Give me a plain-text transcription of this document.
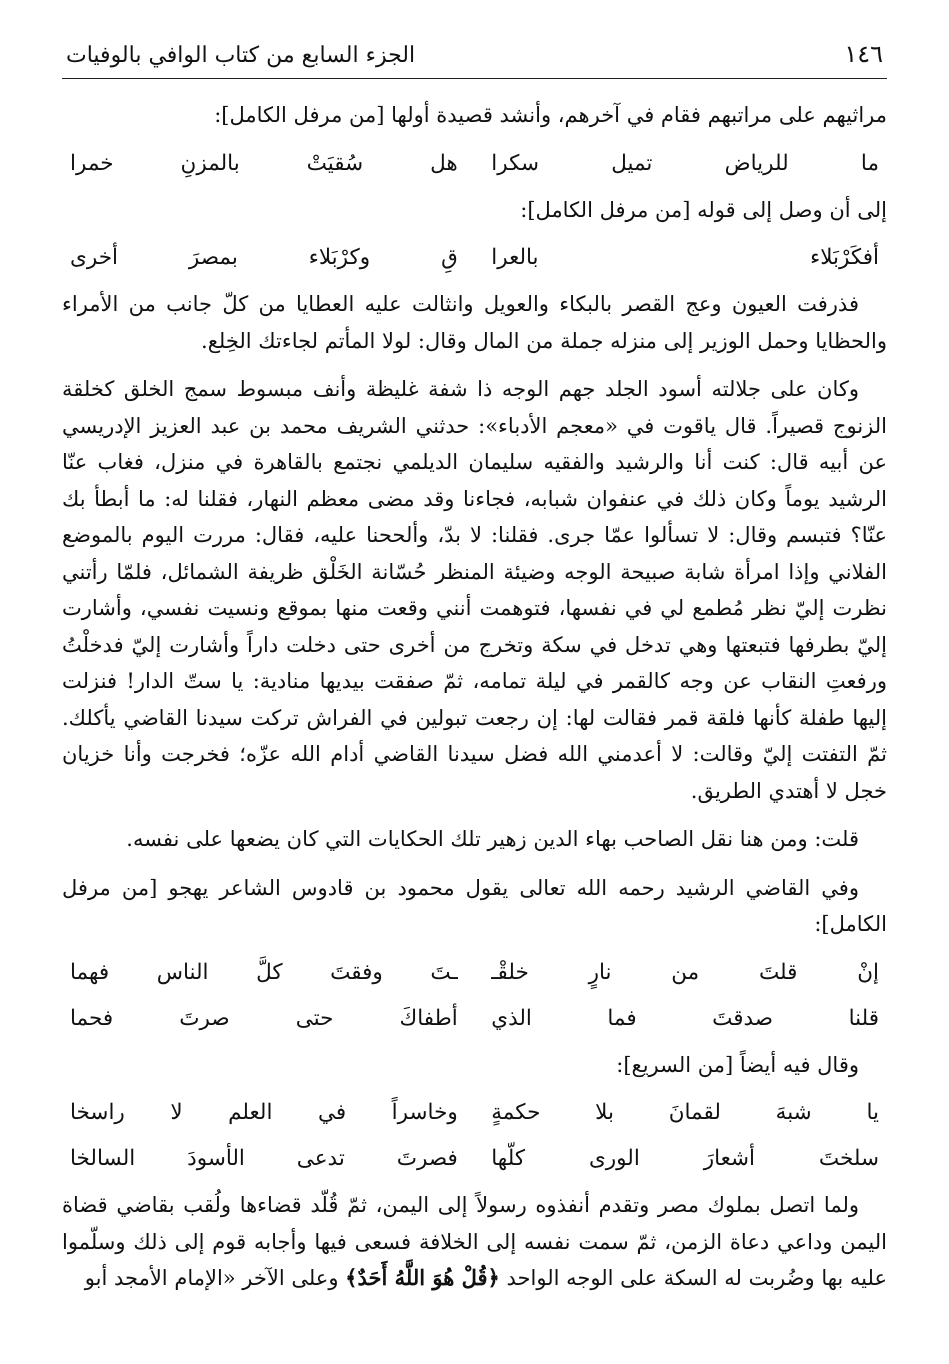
١٤٦
الجزء السابع من كتاب الوافي بالوفيات

مراثيهم على مراتبهم فقام في آخرهم، وأنشد قصيدة أولها [من مرفل الكامل]:

ما للرياض تميل سكرا
هل سُقيَتْ بالمزنِ خمرا

إلى أن وصل إلى قوله [من مرفل الكامل]:

أفكَرْبَلاء بالعرا
قِ وكرْبَلاء بمصرَ أخرى

فذرفت العيون وعج القصر بالبكاء والعويل وانثالت عليه العطايا من كلّ جانب من الأمراء والحظايا وحمل الوزير إلى منزله جملة من المال وقال: لولا المأتم لجاءتك الخِلع.

وكان على جلالته أسود الجلد جهم الوجه ذا شفة غليظة وأنف مبسوط سمج الخلق كخلقة الزنوج قصيراً. قال ياقوت في «معجم الأدباء»: حدثني الشريف محمد بن عبد العزيز الإدريسي عن أبيه قال: كنت أنا والرشيد والفقيه سليمان الديلمي نجتمع بالقاهرة في منزل، فغاب عنّا الرشيد يوماً وكان ذلك في عنفوان شبابه، فجاءنا وقد مضى معظم النهار، فقلنا له: ما أبطأ بك عنّا؟ فتبسم وقال: لا تسألوا عمّا جرى. فقلنا: لا بدّ، وألححنا عليه، فقال: مررت اليوم بالموضع الفلاني وإذا امرأة شابة صبيحة الوجه وضيئة المنظر حُسّانة الخَلْق ظريفة الشمائل، فلمّا رأتني نظرت إليّ نظر مُطمع لي في نفسها، فتوهمت أنني وقعت منها بموقع ونسيت نفسي، وأشارت إليّ بطرفها فتبعتها وهي تدخل في سكة وتخرج من أخرى حتى دخلت داراً وأشارت إليّ فدخلْتُ ورفعتِ النقاب عن وجه كالقمر في ليلة تمامه، ثمّ صفقت بيديها منادية: يا ستّ الدار! فنزلت إليها طفلة كأنها فلقة قمر فقالت لها: إن رجعت تبولين في الفراش تركت سيدنا القاضي يأكلك. ثمّ التفتت إليّ وقالت: لا أعدمني الله فضل سيدنا القاضي أدام الله عزّه؛ فخرجت وأنا خزيان خجل لا أهتدي الطريق.

قلت: ومن هنا نقل الصاحب بهاء الدين زهير تلك الحكايات التي كان يضعها على نفسه.

وفي القاضي الرشيد رحمه الله تعالى يقول محمود بن قادوس الشاعر يهجو [من مرفل الكامل]:

إنْ قلتَ من نارٍ خلقْـ
ـتَ وفقتَ كلَّ الناس فهما
قلنا صدقتَ فما الذي
أطفاكَ حتى صرتَ فحما

وقال فيه أيضاً [من السريع]:

يا شبهَ لقمانَ بلا حكمةٍ
وخاسراً في العلم لا راسخا
سلختَ أشعارَ الورى كلّها
فصرتَ تدعى الأسودَ السالخا

ولما اتصل بملوك مصر وتقدم أنفذوه رسولاً إلى اليمن، ثمّ قُلّد قضاءها ولُقب بقاضي قضاة اليمن وداعي دعاة الزمن، ثمّ سمت نفسه إلى الخلافة فسعى فيها وأجابه قوم إلى ذلك وسلّموا عليه بها وضُربت له السكة على الوجه الواحد ﴿قُلْ هُوَ اللَّهُ أَحَدٌ﴾ وعلى الآخر «الإمام الأمجد أبو
